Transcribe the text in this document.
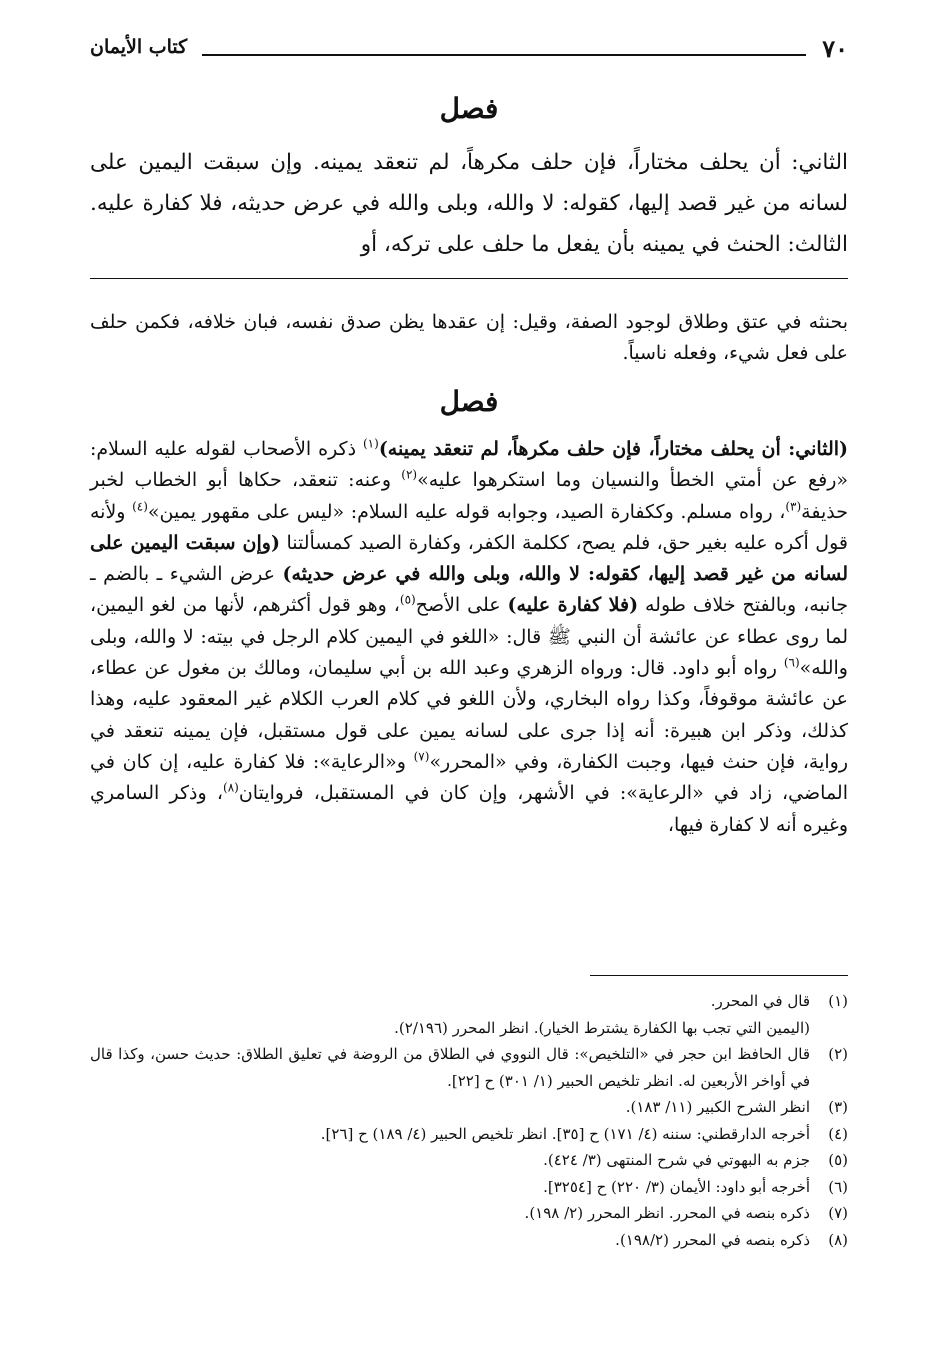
٧٠
كتاب الأيمان
فصل
الثاني: أن يحلف مختاراً، فإن حلف مكرهاً، لم تنعقد يمينه. وإن سبقت اليمين على لسانه من غير قصد إليها، كقوله: لا والله، وبلى والله في عرض حديثه، فلا كفارة عليه. الثالث: الحنث في يمينه بأن يفعل ما حلف على تركه، أو
بحنثه في عتق وطلاق لوجود الصفة، وقيل: إن عقدها يظن صدق نفسه، فبان خلافه، فكمن حلف على فعل شيء، وفعله ناسياً.
فصل
(الثاني: أن يحلف مختاراً، فإن حلف مكرهاً، لم تنعقد يمينه)$^{(١)}$ ذكره الأصحاب لقوله عليه السلام: «رفع عن أمتي الخطأ والنسيان وما استكرهوا عليه»$^{(٢)}$ وعنه: تنعقد، حكاها أبو الخطاب لخبر حذيفة$^{(٣)}$، رواه مسلم. وككفارة الصيد، وجوابه قوله عليه السلام: «ليس على مقهور يمين»$^{(٤)}$ ولأنه قول أكره عليه بغير حق، فلم يصح، ككلمة الكفر، وكفارة الصيد كمسألتنا (وإن سبقت اليمين على لسانه من غير قصد إليها، كقوله: لا والله، وبلى والله في عرض حديثه) عرض الشيء ـ بالضم ـ جانبه، وبالفتح خلاف طوله (فلا كفارة عليه) على الأصح$^{(٥)}$، وهو قول أكثرهم، لأنها من لغو اليمين، لما روى عطاء عن عائشة أن النبي ﷺ قال: «اللغو في اليمين كلام الرجل في بيته: لا والله، وبلى والله»$^{(٦)}$ رواه أبو داود. قال: ورواه الزهري وعبد الله بن أبي سليمان، ومالك بن مغول عن عطاء، عن عائشة موقوفاً، وكذا رواه البخاري، ولأن اللغو في كلام العرب الكلام غير المعقود عليه، وهذا كذلك، وذكر ابن هبيرة: أنه إذا جرى على لسانه يمين على قول مستقبل، فإن يمينه تنعقد في رواية، فإن حنث فيها، وجبت الكفارة، وفي «المحرر»$^{(٧)}$ و«الرعاية»: فلا كفارة عليه، إن كان في الماضي، زاد في «الرعاية»: في الأشهر، وإن كان في المستقبل، فروايتان$^{(٨)}$، وذكر السامري وغيره أنه لا كفارة فيها،
(١)
قال في المحرر.
(اليمين التي تجب بها الكفارة يشترط الخيار). انظر المحرر (٢/١٩٦).
(٢)
قال الحافظ ابن حجر في «التلخيص»: قال النووي في الطلاق من الروضة في تعليق الطلاق: حديث حسن، وكذا قال في أواخر الأربعين له. انظر تلخيص الحبير (١/ ٣٠١) ح [٢٢].
(٣)
انظر الشرح الكبير (١١/ ١٨٣).
(٤)
أخرجه الدارقطني: سننه (٤/ ١٧١) ح [٣٥]. انظر تلخيص الحبير (٤/ ١٨٩) ح [٢٦].
(٥)
جزم به البهوتي في شرح المنتهى (٣/ ٤٢٤).
(٦)
أخرجه أبو داود: الأيمان (٣/ ٢٢٠) ح [٣٢٥٤].
(٧)
ذكره بنصه في المحرر. انظر المحرر (٢/ ١٩٨).
(٨)
ذكره بنصه في المحرر (١٩٨/٢).
